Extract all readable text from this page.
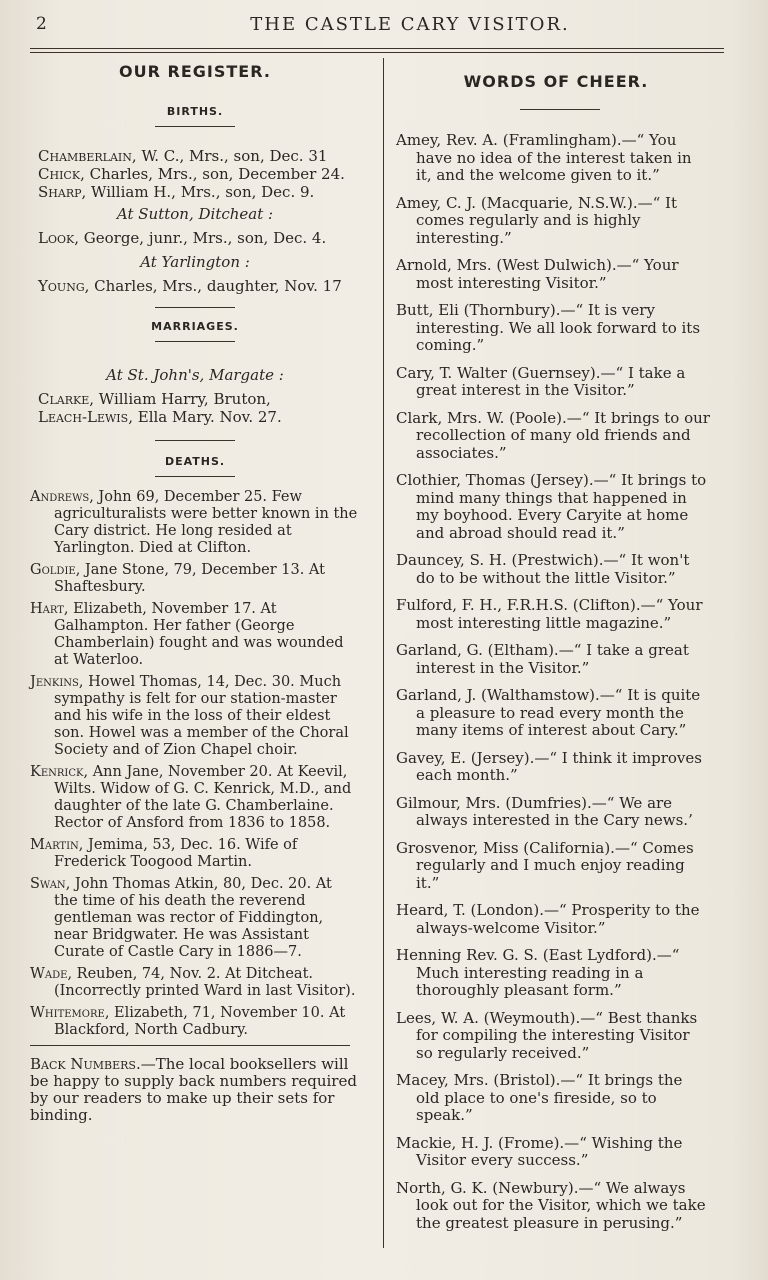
2	THE CASTLE CARY VISITOR.
OUR REGISTER.
BIRTHS.
Chamberlain, W. C., Mrs., son, Dec. 31
Chick, Charles, Mrs., son, December 24.
Sharp, William H., Mrs., son, Dec. 9.
At Sutton, Ditcheat :
Look, George, junr., Mrs., son, Dec. 4.
At Yarlington :
Young, Charles, Mrs., daughter, Nov. 17
MARRIAGES.
At St. John's, Margate :
Clarke, William Harry, Bruton,
Leach-Lewis, Ella Mary. Nov. 27.
DEATHS.
Andrews, John 69, December 25. Few agriculturalists were better known in the Cary district. He long resided at Yarlington. Died at Clifton.
Goldie, Jane Stone, 79, December 13. At Shaftesbury.
Hart, Elizabeth, November 17. At Galhampton. Her father (George Chamberlain) fought and was wounded at Waterloo.
Jenkins, Howel Thomas, 14, Dec. 30. Much sympathy is felt for our station-master and his wife in the loss of their eldest son. Howel was a member of the Choral Society and of Zion Chapel choir.
Kenrick, Ann Jane, November 20. At Keevil, Wilts. Widow of G. C. Kenrick, M.D., and daughter of the late G. Chamberlaine. Rector of Ansford from 1836 to 1858.
Martin, Jemima, 53, Dec. 16. Wife of Frederick Toogood Martin.
Swan, John Thomas Atkin, 80, Dec. 20. At the time of his death the reverend gentleman was rector of Fiddington, near Bridgwater. He was Assistant Curate of Castle Cary in 1886—7.
Wade, Reuben, 74, Nov. 2. At Ditcheat. (Incorrectly printed Ward in last Visitor).
Whitemore, Elizabeth, 71, November 10. At Blackford, North Cadbury.
Back Numbers.—The local booksellers will be happy to supply back numbers required by our readers to make up their sets for binding.
WORDS OF CHEER.
Amey, Rev. A. (Framlingham).—“ You have no idea of the interest taken in it, and the welcome given to it.”
Amey, C. J. (Macquarie, N.S.W.).—“ It comes regularly and is highly interesting.”
Arnold, Mrs. (West Dulwich).—“ Your most interesting Visitor.”
Butt, Eli (Thornbury).—“ It is very interesting. We all look forward to its coming.”
Cary, T. Walter (Guernsey).—“ I take a great interest in the Visitor.”
Clark, Mrs. W. (Poole).—“ It brings to our recollection of many old friends and associates.”
Clothier, Thomas (Jersey).—“ It brings to mind many things that happened in my boyhood. Every Caryite at home and abroad should read it.”
Dauncey, S. H. (Prestwich).—“ It won't do to be without the little Visitor.”
Fulford, F. H., F.R.H.S. (Clifton).—“ Your most interesting little magazine.”
Garland, G. (Eltham).—“ I take a great interest in the Visitor.”
Garland, J. (Walthamstow).—“ It is quite a pleasure to read every month the many items of interest about Cary.”
Gavey, E. (Jersey).—“ I think it improves each month.”
Gilmour, Mrs. (Dumfries).—“ We are always interested in the Cary news.’
Grosvenor, Miss (California).—“ Comes regularly and I much enjoy reading it.”
Heard, T. (London).—“ Prosperity to the always-welcome Visitor.”
Henning Rev. G. S. (East Lydford).—“ Much interesting reading in a thoroughly pleasant form.”
Lees, W. A. (Weymouth).—“ Best thanks for compiling the interesting Visitor so regularly received.”
Macey, Mrs. (Bristol).—“ It brings the old place to one's fireside, so to speak.”
Mackie, H. J. (Frome).—“ Wishing the Visitor every success.”
North, G. K. (Newbury).—“ We always look out for the Visitor, which we take the greatest pleasure in perusing.”
